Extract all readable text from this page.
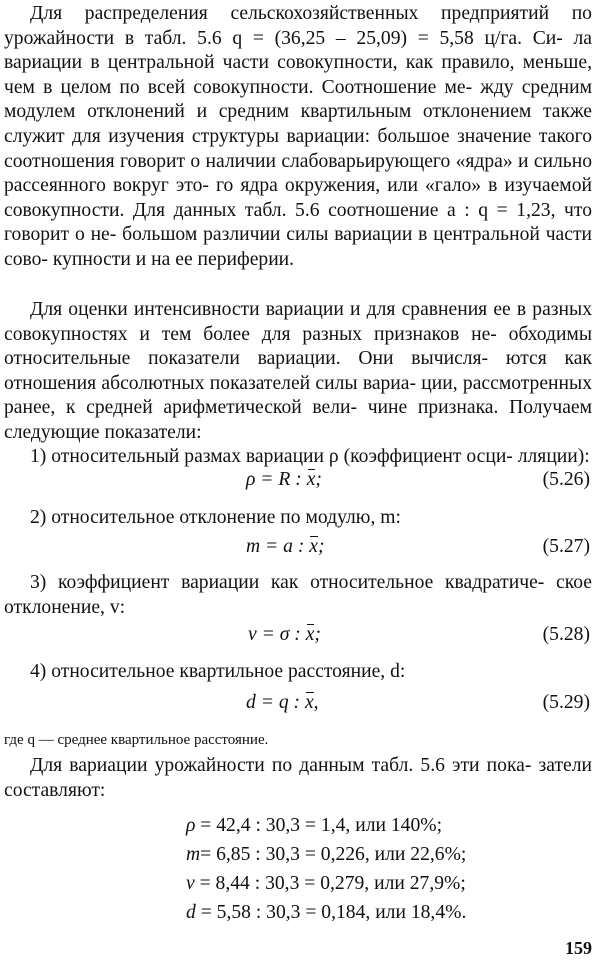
Для распределения сельскохозяйственных предприятий по урожайности в табл. 5.6 q = (36,25 – 25,09) = 5,58 ц/га. Си- ла вариации в центральной части совокупности, как правило, меньше, чем в целом по всей совокупности. Соотношение ме- жду средним модулем отклонений и средним квартильным отклонением также служит для изучения структуры вариации: большое значение такого соотношения говорит о наличии слабоварьирующего «ядра» и сильно рассеянного вокруг это- го ядра окружения, или «гало» в изучаемой совокупности. Для данных табл. 5.6 соотношение a : q = 1,23, что говорит о не- большом различии силы вариации в центральной части сово- купности и на ее периферии.

Для оценки интенсивности вариации и для сравнения ее в разных совокупностях и тем более для разных признаков не- обходимы относительные показатели вариации. Они вычисля- ются как отношения абсолютных показателей силы вариа- ции, рассмотренных ранее, к средней арифметической вели- чине признака. Получаем следующие показатели:

1) относительный размах вариации ρ (коэффициент осци- лляции):

ρ = R : x;	(5.26)

2) относительное отклонение по модулю, m:

m = a : x;	(5.27)

3) коэффициент вариации как относительное квадратиче- ское отклонение, v:

v = σ : x;	(5.28)

4) относительное квартильное расстояние, d:

d = q : x,	(5.29)

где q — среднее квартильное расстояние.

Для вариации урожайности по данным табл. 5.6 эти пока- затели составляют:

ρ = 42,4 : 30,3 = 1,4, или 140%;
m= 6,85 : 30,3 = 0,226, или 22,6%;
v = 8,44 : 30,3 = 0,279, или 27,9%;
d = 5,58 : 30,3 = 0,184, или 18,4%.
159
